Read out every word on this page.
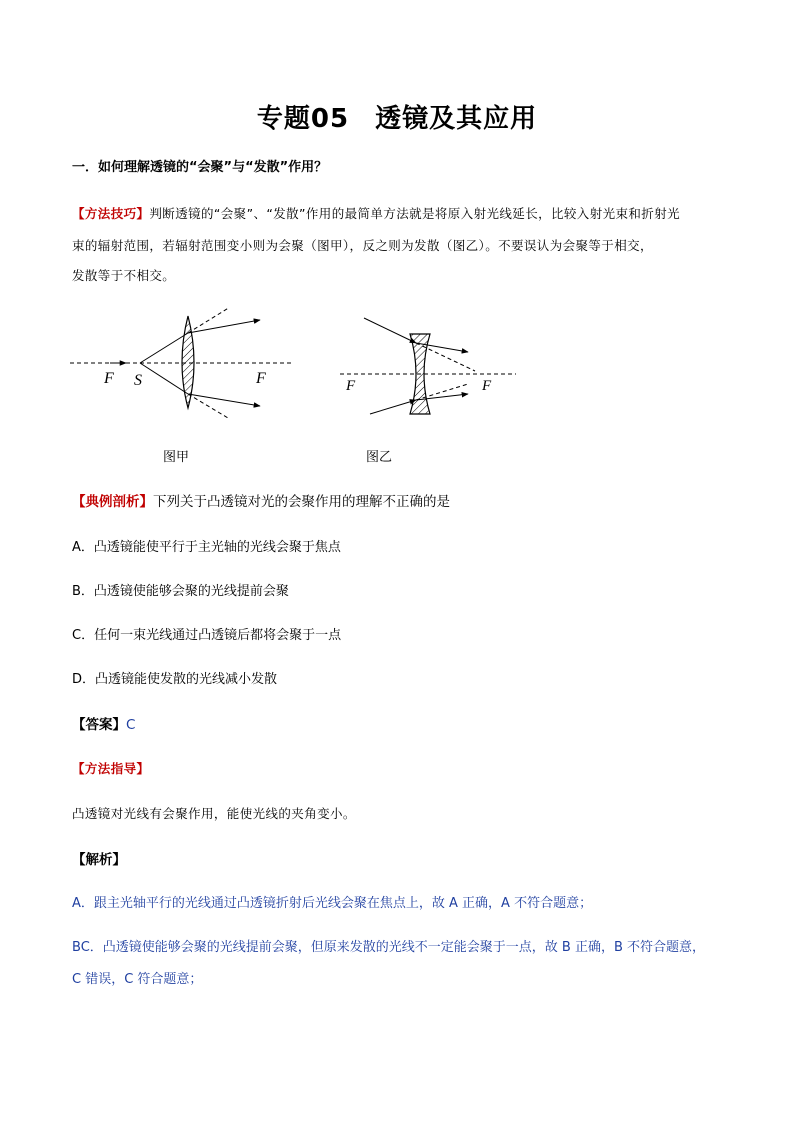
专题05 透镜及其应用
一．如何理解透镜的“会聚”与“发散”作用？
【方法技巧】判断透镜的“会聚”、“发散”作用的最简单方法就是将原入射光线延长，比较入射光束和折射光
束的辐射范围，若辐射范围变小则为会聚（图甲），反之则为发散（图乙）。不要误认为会聚等于相交，
发散等于不相交。
F S	F	F	F
图甲	图乙
【典例剖析】下列关于凸透镜对光的会聚作用的理解不正确的是
A．凸透镜能使平行于主光轴的光线会聚于焦点
B．凸透镜使能够会聚的光线提前会聚
C．任何一束光线通过凸透镜后都将会聚于一点
D．凸透镜能使发散的光线减小发散
【答案】C
【方法指导】
凸透镜对光线有会聚作用，能使光线的夹角变小。
【解析】
A．跟主光轴平行的光线通过凸透镜折射后光线会聚在焦点上，故 A 正确，A 不符合题意；
BC．凸透镜使能够会聚的光线提前会聚，但原来发散的光线不一定能会聚于一点，故 B 正确，B 不符合题意，
C 错误，C 符合题意；
